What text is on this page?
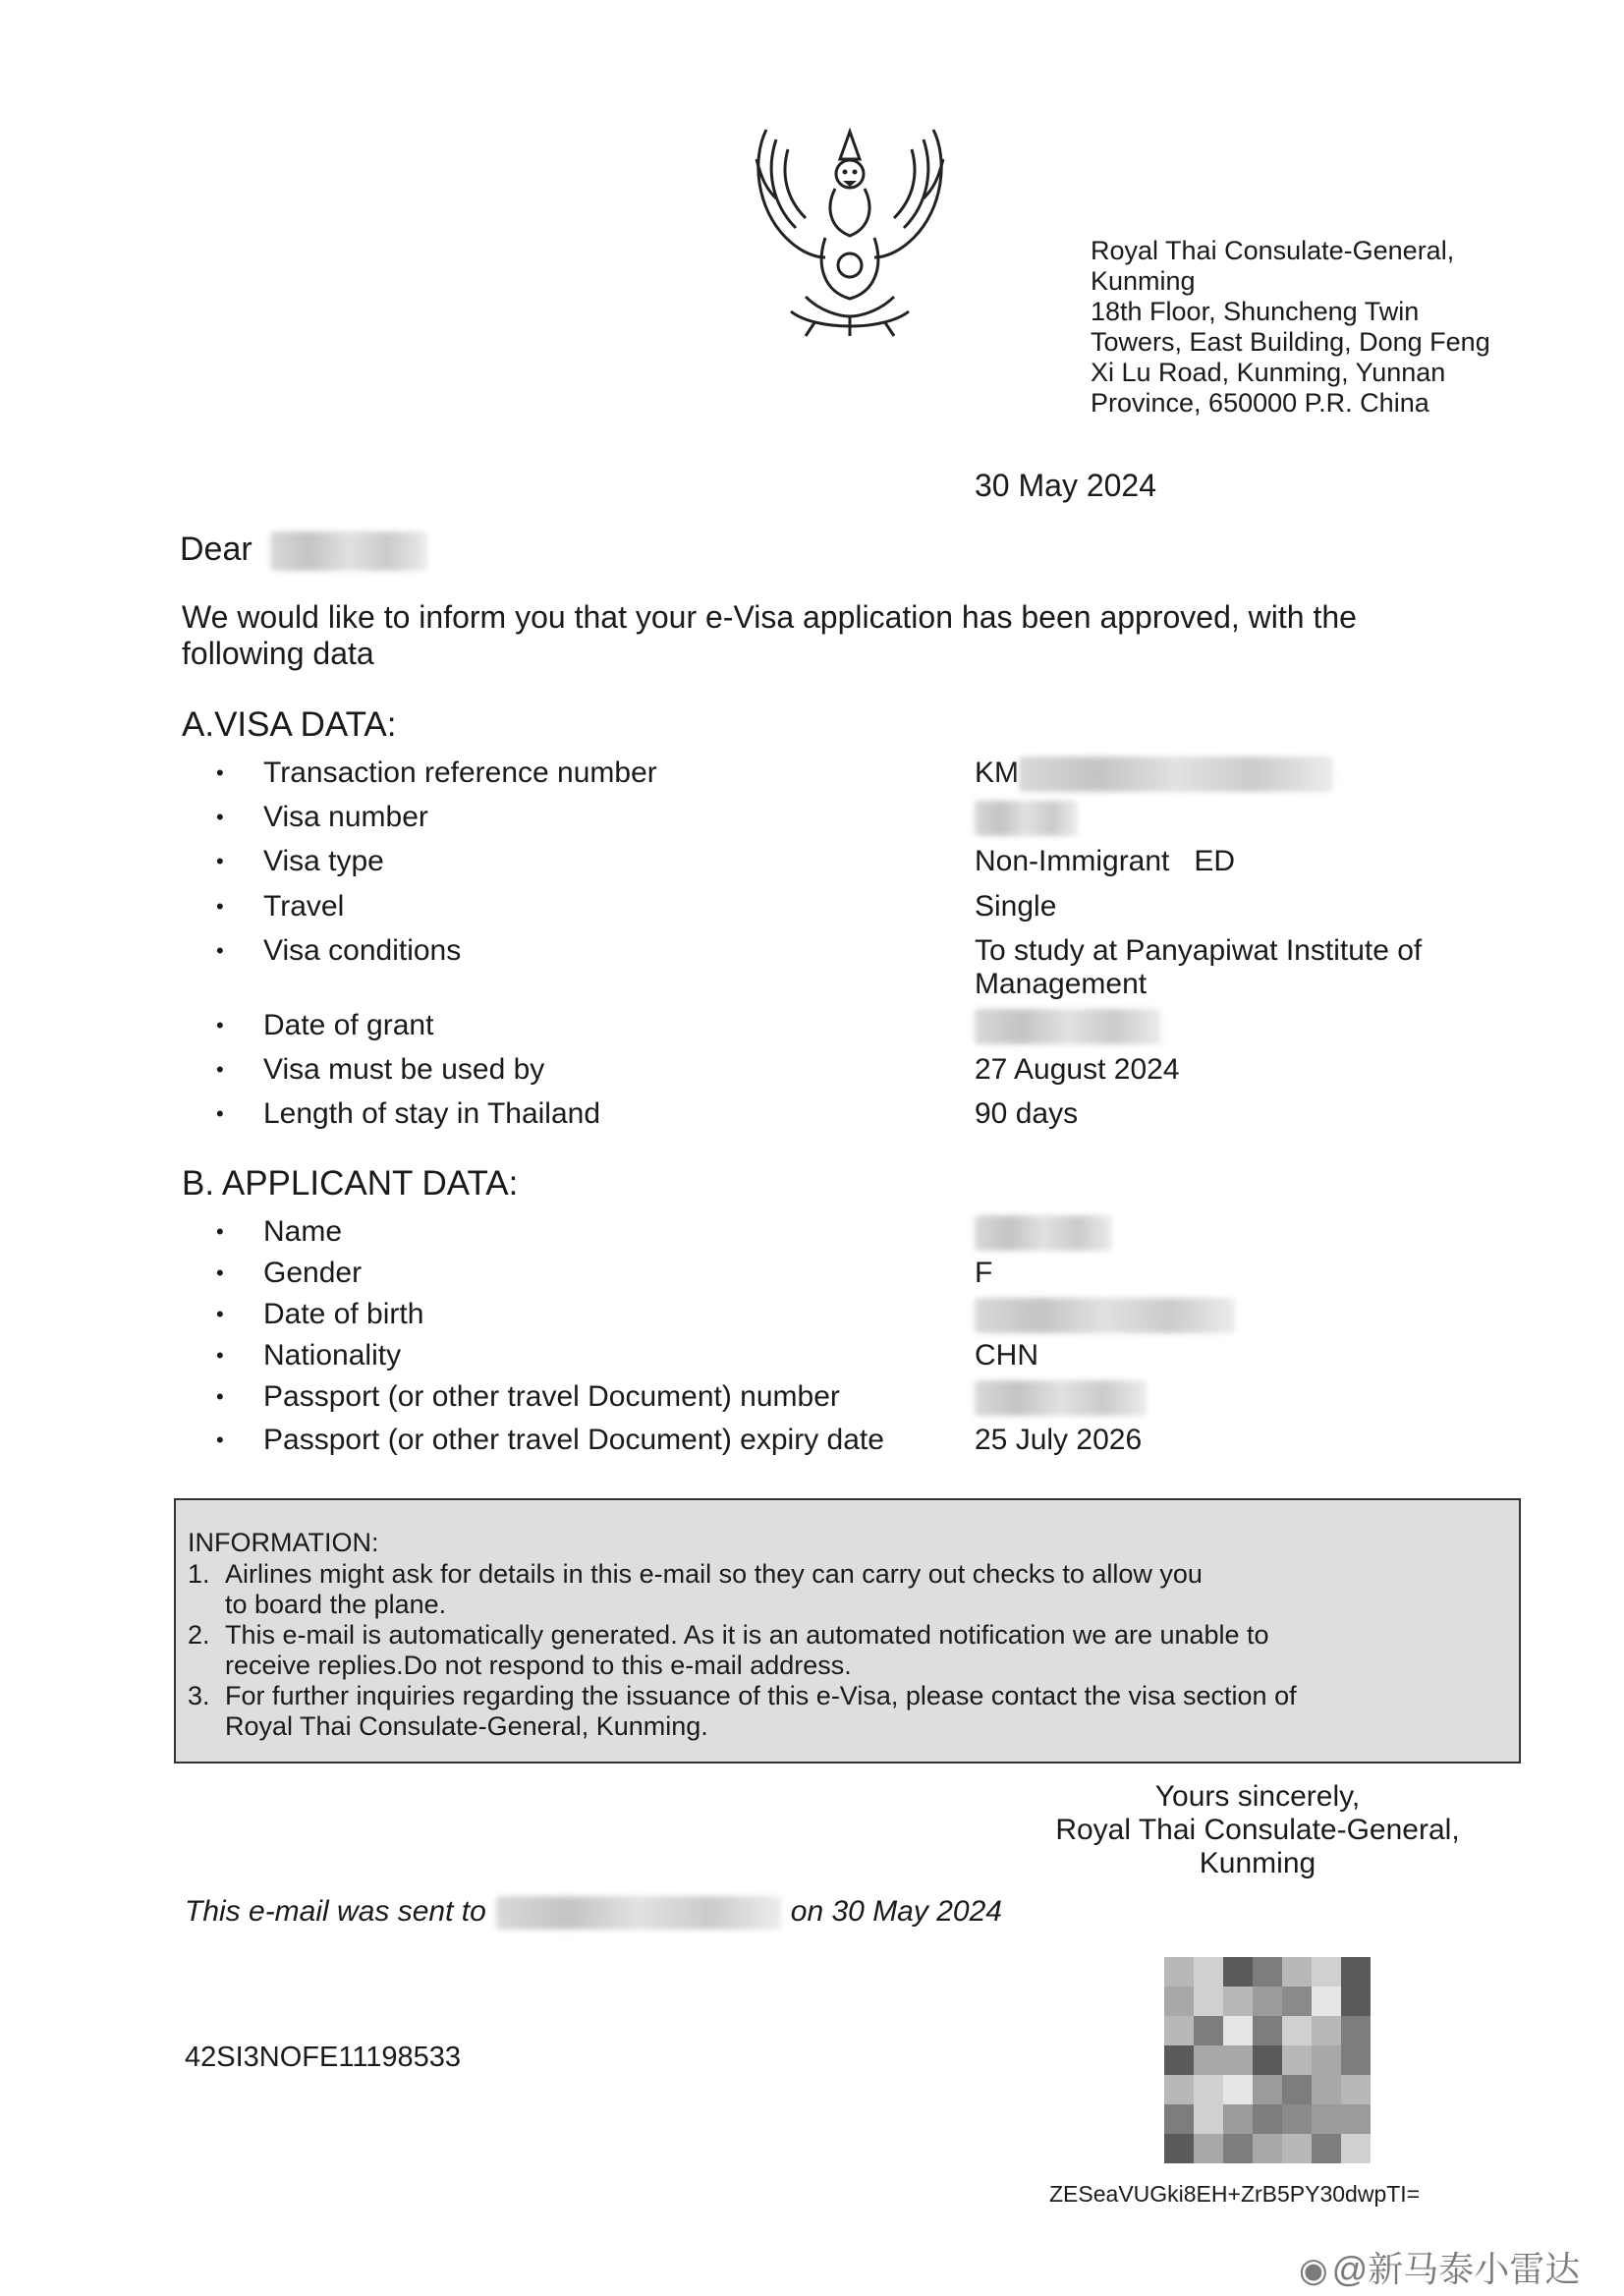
Royal Thai Consulate-General,
Kunming
18th Floor, Shuncheng Twin
Towers, East Building, Dong Feng
Xi Lu Road, Kunming, Yunnan
Province, 650000 P.R. China
30 May 2024
Dear
We would like to inform you that your e-Visa application has been approved, with the following data
A.VISA DATA:
• Transaction reference number	KM
• Visa number
• Visa type	Non-Immigrant   ED
• Travel	Single
• Visa conditions	To study at Panyapiwat Institute of Management
• Date of grant
• Visa must be used by	27 August 2024
• Length of stay in Thailand	90 days
B. APPLICANT DATA:
• Name
• Gender	F
• Date of birth
• Nationality	CHN
• Passport (or other travel Document) number
• Passport (or other travel Document) expiry date	25 July 2026
INFORMATION:
1. Airlines might ask for details in this e-mail so they can carry out checks to allow you
to board the plane.
2. This e-mail is automatically generated. As it is an automated notification we are unable to
receive replies.Do not respond to this e-mail address.
3. For further inquiries regarding the issuance of this e-Visa, please contact the visa section of
Royal Thai Consulate-General, Kunming.
Yours sincerely,
Royal Thai Consulate-General,
Kunming
This e-mail was sent to	on 30 May 2024
42SI3NOFE11198533
ZESeaVUGki8EH+ZrB5PY30dwpTI=
◉ @新马泰小雷达
